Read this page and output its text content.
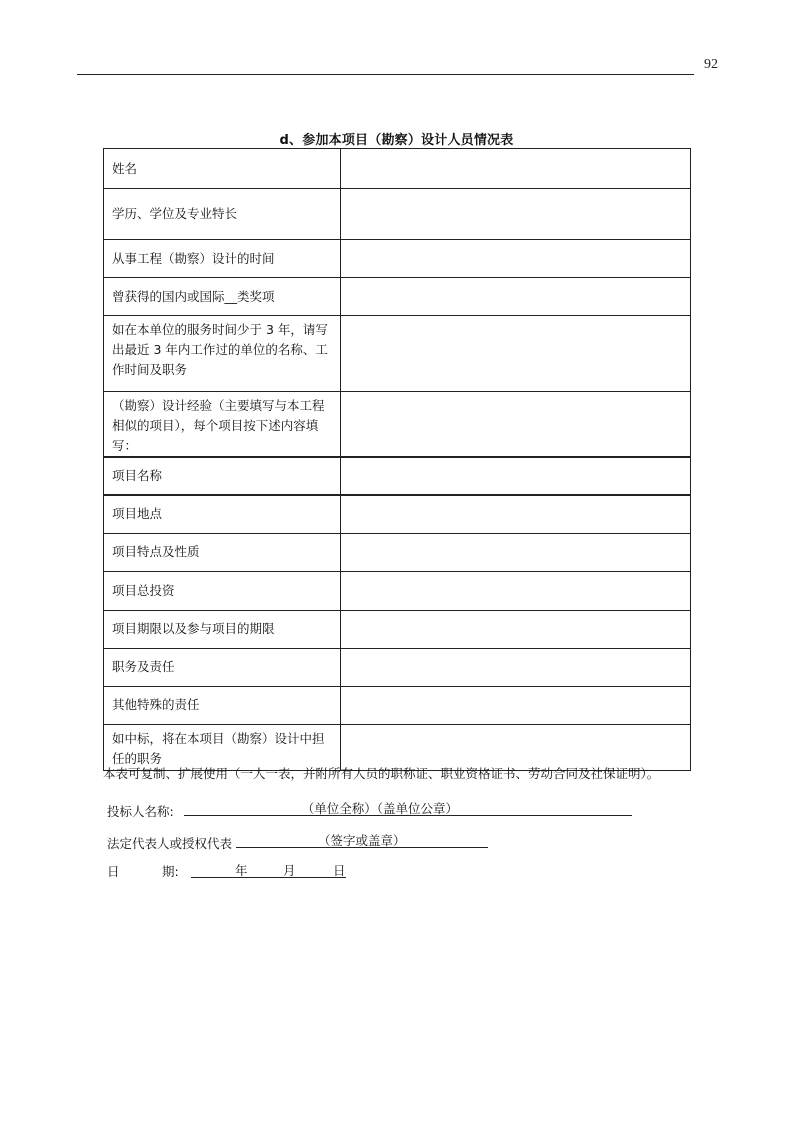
92
d、参加本项目（勘察）设计人员情况表
姓名	
学历、学位及专业特长	
从事工程（勘察）设计的时间	
曾获得的国内或国际__类奖项	
如在本单位的服务时间少于 3 年，请写出最近 3 年内工作过的单位的名称、工作时间及职务	
（勘察）设计经验（主要填写与本工程相似的项目），每个项目按下述内容填写：	
项目名称	
项目地点	
项目特点及性质	
项目总投资	
项目期限以及参与项目的期限	
职务及责任	
其他特殊的责任	
如中标，将在本项目（勘察）设计中担任的职务	
本表可复制、扩展使用（一人一表，并附所有人员的职称证、职业资格证书、劳动合同及社保证明）。
投标人名称:	（单位全称）（盖单位公章）
法定代表人或授权代表	（签字或盖章）
日	期:	年	月	日
